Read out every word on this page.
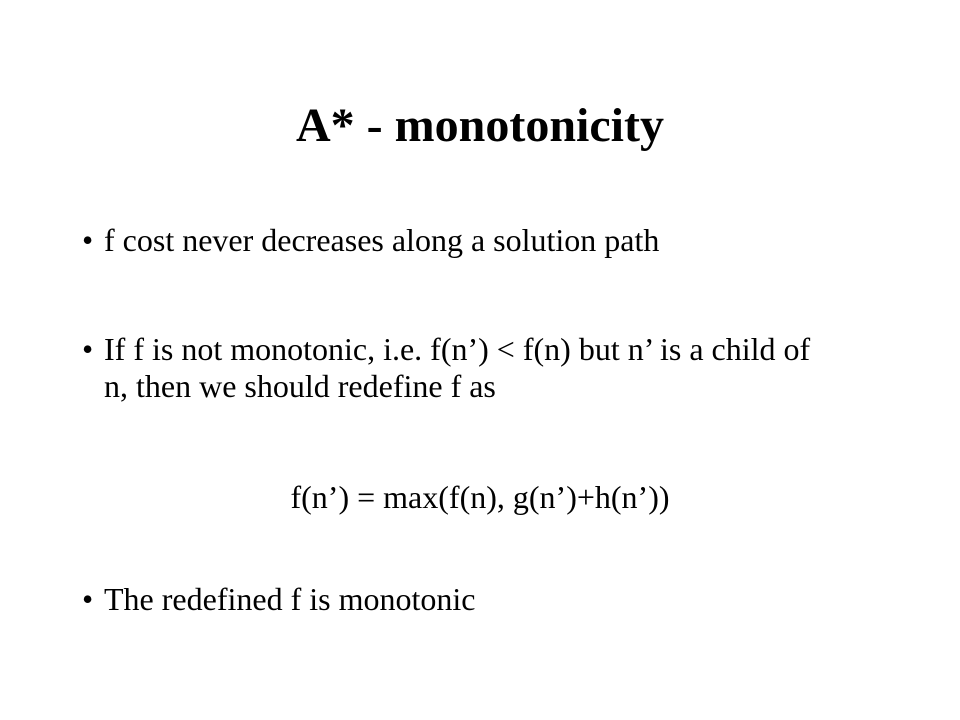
A* - monotonicity
• f cost never decreases along a solution path
• If f is not monotonic, i.e. f(n’) < f(n) but n’ is a child of n, then we should redefine f as

f(n’) = max(f(n), g(n’)+h(n’))

• The redefined f is monotonic
